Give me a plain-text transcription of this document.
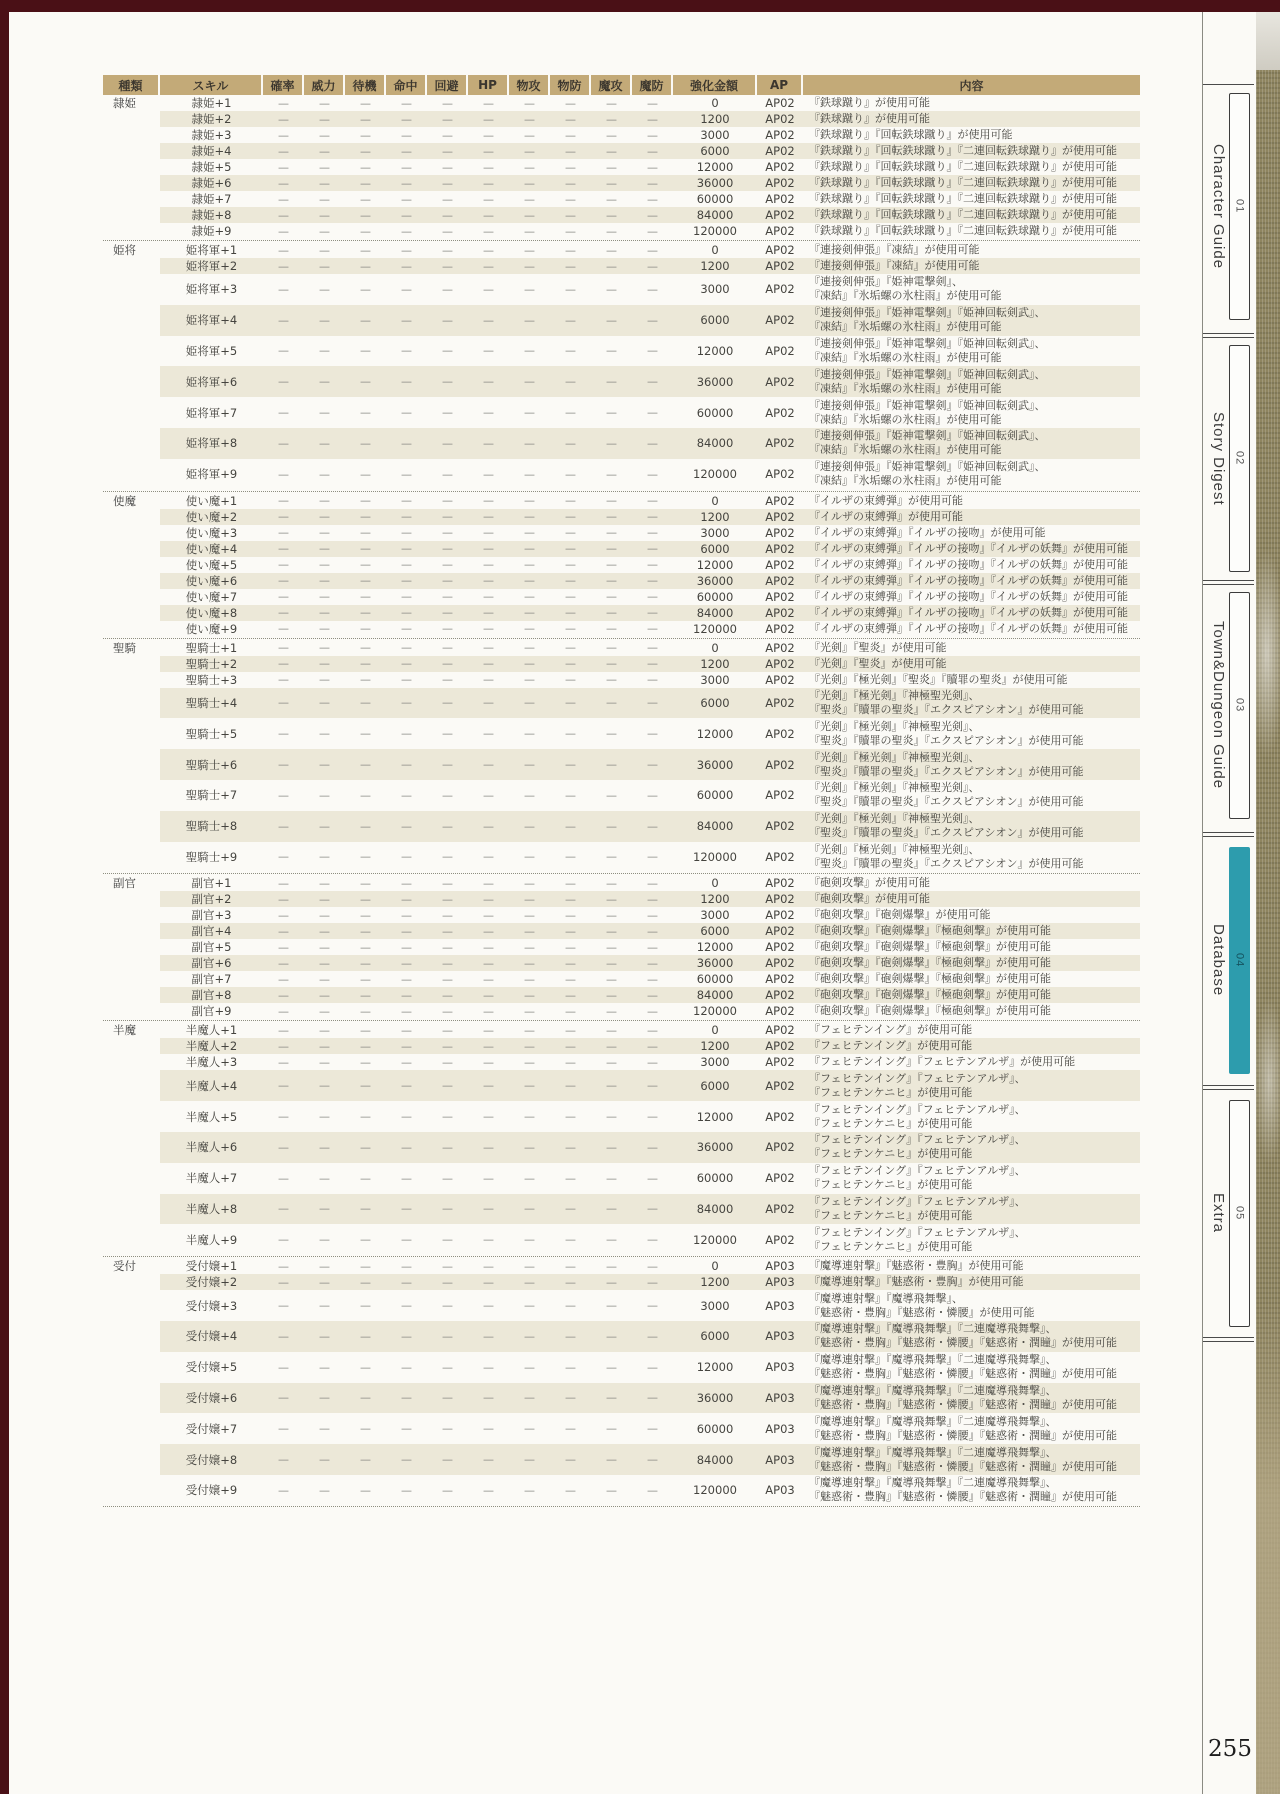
種類	スキル	確率	威力	待機	命中	回避	HP	物攻	物防	魔攻	魔防	強化金額	AP	内容
隷姫	隷姫+1	—	—	—	—	—	—	—	—	—	—	0	AP02	『鉄球蹴り』が使用可能
隷姫+2	—	—	—	—	—	—	—	—	—	—	1200	AP02	『鉄球蹴り』が使用可能
隷姫+3	—	—	—	—	—	—	—	—	—	—	3000	AP02	『鉄球蹴り』『回転鉄球蹴り』が使用可能
隷姫+4	—	—	—	—	—	—	—	—	—	—	6000	AP02	『鉄球蹴り』『回転鉄球蹴り』『二連回転鉄球蹴り』が使用可能
隷姫+5	—	—	—	—	—	—	—	—	—	—	12000	AP02	『鉄球蹴り』『回転鉄球蹴り』『二連回転鉄球蹴り』が使用可能
隷姫+6	—	—	—	—	—	—	—	—	—	—	36000	AP02	『鉄球蹴り』『回転鉄球蹴り』『二連回転鉄球蹴り』が使用可能
隷姫+7	—	—	—	—	—	—	—	—	—	—	60000	AP02	『鉄球蹴り』『回転鉄球蹴り』『二連回転鉄球蹴り』が使用可能
隷姫+8	—	—	—	—	—	—	—	—	—	—	84000	AP02	『鉄球蹴り』『回転鉄球蹴り』『二連回転鉄球蹴り』が使用可能
隷姫+9	—	—	—	—	—	—	—	—	—	—	120000	AP02	『鉄球蹴り』『回転鉄球蹴り』『二連回転鉄球蹴り』が使用可能
姫将	姫将軍+1	—	—	—	—	—	—	—	—	—	—	0	AP02	『連接剣伸張』『凍結』が使用可能
姫将軍+2	—	—	—	—	—	—	—	—	—	—	1200	AP02	『連接剣伸張』『凍結』が使用可能
姫将軍+3	—	—	—	—	—	—	—	—	—	—	3000	AP02
『連接剣伸張』『姫神電撃剣』、
『凍結』『氷垢螺の氷柱雨』が使用可能
姫将軍+4	—	—	—	—	—	—	—	—	—	—	6000	AP02
『連接剣伸張』『姫神電撃剣』『姫神回転剣武』、
『凍結』『氷垢螺の氷柱雨』が使用可能
姫将軍+5	—	—	—	—	—	—	—	—	—	—	12000	AP02
『連接剣伸張』『姫神電撃剣』『姫神回転剣武』、
『凍結』『氷垢螺の氷柱雨』が使用可能
姫将軍+6	—	—	—	—	—	—	—	—	—	—	36000	AP02
『連接剣伸張』『姫神電撃剣』『姫神回転剣武』、
『凍結』『氷垢螺の氷柱雨』が使用可能
姫将軍+7	—	—	—	—	—	—	—	—	—	—	60000	AP02
『連接剣伸張』『姫神電撃剣』『姫神回転剣武』、
『凍結』『氷垢螺の氷柱雨』が使用可能
姫将軍+8	—	—	—	—	—	—	—	—	—	—	84000	AP02
『連接剣伸張』『姫神電撃剣』『姫神回転剣武』、
『凍結』『氷垢螺の氷柱雨』が使用可能
姫将軍+9	—	—	—	—	—	—	—	—	—	—	120000	AP02
『連接剣伸張』『姫神電撃剣』『姫神回転剣武』、
『凍結』『氷垢螺の氷柱雨』が使用可能
使魔	使い魔+1	—	—	—	—	—	—	—	—	—	—	0	AP02	『イルザの束縛弾』が使用可能
使い魔+2	—	—	—	—	—	—	—	—	—	—	1200	AP02	『イルザの束縛弾』が使用可能
使い魔+3	—	—	—	—	—	—	—	—	—	—	3000	AP02	『イルザの束縛弾』『イルザの接吻』が使用可能
使い魔+4	—	—	—	—	—	—	—	—	—	—	6000	AP02	『イルザの束縛弾』『イルザの接吻』『イルザの妖舞』が使用可能
使い魔+5	—	—	—	—	—	—	—	—	—	—	12000	AP02	『イルザの束縛弾』『イルザの接吻』『イルザの妖舞』が使用可能
使い魔+6	—	—	—	—	—	—	—	—	—	—	36000	AP02	『イルザの束縛弾』『イルザの接吻』『イルザの妖舞』が使用可能
使い魔+7	—	—	—	—	—	—	—	—	—	—	60000	AP02	『イルザの束縛弾』『イルザの接吻』『イルザの妖舞』が使用可能
使い魔+8	—	—	—	—	—	—	—	—	—	—	84000	AP02	『イルザの束縛弾』『イルザの接吻』『イルザの妖舞』が使用可能
使い魔+9	—	—	—	—	—	—	—	—	—	—	120000	AP02	『イルザの束縛弾』『イルザの接吻』『イルザの妖舞』が使用可能
聖騎	聖騎士+1	—	—	—	—	—	—	—	—	—	—	0	AP02	『光剣』『聖炎』が使用可能
聖騎士+2	—	—	—	—	—	—	—	—	—	—	1200	AP02	『光剣』『聖炎』が使用可能
聖騎士+3	—	—	—	—	—	—	—	—	—	—	3000	AP02	『光剣』『極光剣』『聖炎』『贖罪の聖炎』が使用可能
聖騎士+4	—	—	—	—	—	—	—	—	—	—	6000	AP02
『光剣』『極光剣』『神極聖光剣』、
『聖炎』『贖罪の聖炎』『エクスピアシオン』が使用可能
聖騎士+5	—	—	—	—	—	—	—	—	—	—	12000	AP02
『光剣』『極光剣』『神極聖光剣』、
『聖炎』『贖罪の聖炎』『エクスピアシオン』が使用可能
聖騎士+6	—	—	—	—	—	—	—	—	—	—	36000	AP02
『光剣』『極光剣』『神極聖光剣』、
『聖炎』『贖罪の聖炎』『エクスピアシオン』が使用可能
聖騎士+7	—	—	—	—	—	—	—	—	—	—	60000	AP02
『光剣』『極光剣』『神極聖光剣』、
『聖炎』『贖罪の聖炎』『エクスピアシオン』が使用可能
聖騎士+8	—	—	—	—	—	—	—	—	—	—	84000	AP02
『光剣』『極光剣』『神極聖光剣』、
『聖炎』『贖罪の聖炎』『エクスピアシオン』が使用可能
聖騎士+9	—	—	—	—	—	—	—	—	—	—	120000	AP02
『光剣』『極光剣』『神極聖光剣』、
『聖炎』『贖罪の聖炎』『エクスピアシオン』が使用可能
副官	副官+1	—	—	—	—	—	—	—	—	—	—	0	AP02	『砲剣攻撃』が使用可能
副官+2	—	—	—	—	—	—	—	—	—	—	1200	AP02	『砲剣攻撃』が使用可能
副官+3	—	—	—	—	—	—	—	—	—	—	3000	AP02	『砲剣攻撃』『砲剣爆撃』が使用可能
副官+4	—	—	—	—	—	—	—	—	—	—	6000	AP02	『砲剣攻撃』『砲剣爆撃』『極砲剣撃』が使用可能
副官+5	—	—	—	—	—	—	—	—	—	—	12000	AP02	『砲剣攻撃』『砲剣爆撃』『極砲剣撃』が使用可能
副官+6	—	—	—	—	—	—	—	—	—	—	36000	AP02	『砲剣攻撃』『砲剣爆撃』『極砲剣撃』が使用可能
副官+7	—	—	—	—	—	—	—	—	—	—	60000	AP02	『砲剣攻撃』『砲剣爆撃』『極砲剣撃』が使用可能
副官+8	—	—	—	—	—	—	—	—	—	—	84000	AP02	『砲剣攻撃』『砲剣爆撃』『極砲剣撃』が使用可能
副官+9	—	—	—	—	—	—	—	—	—	—	120000	AP02	『砲剣攻撃』『砲剣爆撃』『極砲剣撃』が使用可能
半魔	半魔人+1	—	—	—	—	—	—	—	—	—	—	0	AP02	『フェヒテンイング』が使用可能
半魔人+2	—	—	—	—	—	—	—	—	—	—	1200	AP02	『フェヒテンイング』が使用可能
半魔人+3	—	—	—	—	—	—	—	—	—	—	3000	AP02	『フェヒテンイング』『フェヒテンアルザ』が使用可能
半魔人+4	—	—	—	—	—	—	—	—	—	—	6000	AP02
『フェヒテンイング』『フェヒテンアルザ』、
『フェヒテンケニヒ』が使用可能
半魔人+5	—	—	—	—	—	—	—	—	—	—	12000	AP02
『フェヒテンイング』『フェヒテンアルザ』、
『フェヒテンケニヒ』が使用可能
半魔人+6	—	—	—	—	—	—	—	—	—	—	36000	AP02
『フェヒテンイング』『フェヒテンアルザ』、
『フェヒテンケニヒ』が使用可能
半魔人+7	—	—	—	—	—	—	—	—	—	—	60000	AP02
『フェヒテンイング』『フェヒテンアルザ』、
『フェヒテンケニヒ』が使用可能
半魔人+8	—	—	—	—	—	—	—	—	—	—	84000	AP02
『フェヒテンイング』『フェヒテンアルザ』、
『フェヒテンケニヒ』が使用可能
半魔人+9	—	—	—	—	—	—	—	—	—	—	120000	AP02
『フェヒテンイング』『フェヒテンアルザ』、
『フェヒテンケニヒ』が使用可能
受付	受付嬢+1	—	—	—	—	—	—	—	—	—	—	0	AP03	『魔導連射撃』『魅惑術・豊胸』が使用可能
受付嬢+2	—	—	—	—	—	—	—	—	—	—	1200	AP03	『魔導連射撃』『魅惑術・豊胸』が使用可能
受付嬢+3	—	—	—	—	—	—	—	—	—	—	3000	AP03
『魔導連射撃』『魔導飛舞撃』、
『魅惑術・豊胸』『魅惑術・憐腰』が使用可能
受付嬢+4	—	—	—	—	—	—	—	—	—	—	6000	AP03
『魔導連射撃』『魔導飛舞撃』『二連魔導飛舞撃』、
『魅惑術・豊胸』『魅惑術・憐腰』『魅惑術・潤瞳』が使用可能
受付嬢+5	—	—	—	—	—	—	—	—	—	—	12000	AP03
『魔導連射撃』『魔導飛舞撃』『二連魔導飛舞撃』、
『魅惑術・豊胸』『魅惑術・憐腰』『魅惑術・潤瞳』が使用可能
受付嬢+6	—	—	—	—	—	—	—	—	—	—	36000	AP03
『魔導連射撃』『魔導飛舞撃』『二連魔導飛舞撃』、
『魅惑術・豊胸』『魅惑術・憐腰』『魅惑術・潤瞳』が使用可能
受付嬢+7	—	—	—	—	—	—	—	—	—	—	60000	AP03
『魔導連射撃』『魔導飛舞撃』『二連魔導飛舞撃』、
『魅惑術・豊胸』『魅惑術・憐腰』『魅惑術・潤瞳』が使用可能
受付嬢+8	—	—	—	—	—	—	—	—	—	—	84000	AP03
『魔導連射撃』『魔導飛舞撃』『二連魔導飛舞撃』、
『魅惑術・豊胸』『魅惑術・憐腰』『魅惑術・潤瞳』が使用可能
受付嬢+9	—	—	—	—	—	—	—	—	—	—	120000	AP03
『魔導連射撃』『魔導飛舞撃』『二連魔導飛舞撃』、
『魅惑術・豊胸』『魅惑術・憐腰』『魅惑術・潤瞳』が使用可能
Character Guide 01
Story Digest 02
Town&Dungeon Guide 03
Database 04
Extra 05
255
